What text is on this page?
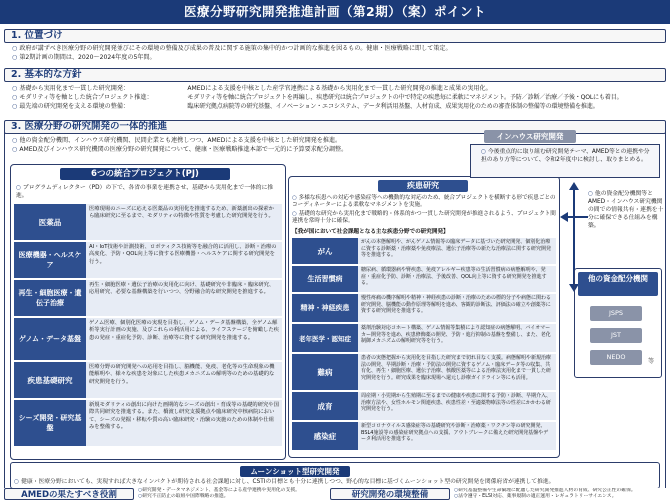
医療分野研究開発推進計画（第2期）（案）ポイント
1. 位置づけ
○ 政府が講ずべき医療分野の研究開発並びにその環境の整備及び成果の普及に関する施策の集中的かつ計画的な推進を図るもの。健康・医療戦略に即して策定。
○ 第2期計画の期間は、2020～2024年度の5年間。
2. 基本的な方針
○ 基礎から実用化まで一貫した研究開発：	AMEDによる支援を中核とした産学官連携による基礎から実用化まで一貫した研究開発の推進と成果の実用化。
○ モダリティ等を軸とした統合プロジェクト推進：	モダリティ等を軸に統合プロジェクトを再編し、疾患研究は統合プロジェクトの中で特定の疾患毎に柔軟にマネジメント。予防／診断／治療／予後・QOLにも着目。
○ 最先端の研究開発を支える環境の整備：	臨床研究拠点病院等の研究基盤、イノベーション・エコシステム、データ利活用基盤、人材育成、成果実用化のための審査体制の整備等の環境整備を推進。
3. 医療分野の研究開発の一体的推進
○ 他の資金配分機関、インハウス研究機関、民間企業とも連携しつつ、AMEDによる支援を中核とした研究開発を推進。
○ AMED及びインハウス研究機関の医療分野の研究開発について、健康・医療戦略推進本部で一元的に予算要求配分調整。
6つの統合プロジェクト(PJ)
○ プログラムディレクター（PD）の下で、各省の事業を連携させ、基礎から実用化まで一体的に推進。
医薬品
医療現場のニーズに応える医薬品の実用化を推進するため、新薬創出の探索から臨床研究に至るまで、モダリティの特徴や性質を考慮した研究開発を行う。
医療機器・ヘルスケア
AI・IoT技術や計測技術、ロボティクス技術等を融合的に活用し、診断・治療の高度化、予防・QOL向上等に資する医療機器・ヘルスケアに関する研究開発を行う。
再生・細胞医療・遺伝子治療
再生・細胞医療・遺伝子治療の実用化に向け、基礎研究や非臨床・臨床研究、応用研究、必要な基盤構築を行いつつ、分野融合的な研究開発を推進する。
ゲノム・データ基盤
ゲノム医療、個別化医療の実現を目指し、ゲノム・データ基盤構築、全ゲノム解析等実行計画の実施、及びこれらの利活用による、ライフステージを俯瞰した疾患の発症・重症化予防、診断、治療等に資する研究開発を推進する。
疾患基礎研究
医療分野の研究開発への応用を目指し、脳機能、免疫、老化等の生命現象の機能解明や、様々な疾患を対象にした疾患メカニズムの解明等のための基礎的な研究開発を行う。
シーズ開発・研究基盤
新規モダリティの創出に向けた画期的なシーズの創出・育成等の基礎的研究や国際共同研究を推進する。また、橋渡し研究支援拠点や臨床研究中核病院において、シーズの発掘・移転や質の高い臨床研究・治験の実施のための体制や仕組みを整備する。
疾患研究
○ 多様な疾患への対応や感染症等への機動的な対応のため、統合プロジェクトを横断する形で疾患ごとのコーディネーターによる柔軟なマネジメントを実施。
○ 基礎的な研究から実用化まで戦略的・体系的かつ一貫した研究開発が推進されるよう、プロジェクト間連携を常時十分に確保。
【我が国において社会課題となる主な疾患分野での研究開発】
がん
がんの本態解明や、がんゲノム情報等の臨床データに基づいた研究開発、個別化治療に資する診断薬・治療薬や免疫療法、遺伝子治療等の新たな治療法に関する研究開発等を推進する。
生活習慣病
糖尿病、循環器病や腎疾患、免疫アレルギー疾患等の生活習慣病の病態解明や、発症・重症化予防、診断・治療法、予後改善、QOL向上等に資する研究開発を推進する。
精神・神経疾患
慢性疼痛の機序解明や精神・神経疾患の診断・治療のための標的分子や病態に関わる研究開発、脳機能の動作原理等解明を進め、客観的診断法、評価法の確立や創薬等に資する研究開発を推進する。
老年医学・認知症
薬剤治験対応コホート構築、ゲノム情報等集積により認知症の病態解明、バイオマーカー開発等を進め、疾患修飾薬の開発、予防・進行抑制の基盤を整備し、また、老化制御メカニズムの解明研究等を行う。
難病
患者の実態把握から実用化を目指した研究まで切れ目なく支援。病態解明や新規治療法の開発、早期診断・治療・予防法の開発に資するゲノム・臨床データ等の収集、共有化、再生・細胞医療、遺伝子治療、核酸医薬等による治療法実用化まで一貫した研究開発を行う。研究成果を臨床現場へ還元し診療ガイドライン等にも活用。
成育
周産期・小児期から生殖期に至るまでの健康や疾患に関する予防・診断、早期介入、治療方法や、女性ホルモン関連疾患、疾患性差・至適薬物療法等の性差にかかわる研究開発を行う。
感染症
新型コロナウイルス感染症等の基礎研究や診断・治療薬・ワクチン等の研究開発、BSL4施設等の感染症研究拠点への支援、アウトブレークに備えた研究開発基盤やデータ利活用を推進する。
インハウス研究開発
○ 今後重点的に取り組む研究開発テーマ、AMED等との連携や分担のあり方等について、令和2年度中に検討し、取りまとめる。
○ 他の資金配分機関等とAMED・インハウス研究機関の間での情報共有・連携を十分に確保できる仕組みを構築。
他の資金配分機関
JSPS
JST
NEDO
等
ムーンショット型研究開発
○ 健康・医療分野においても、実現すれば大きなインパクトが期待される社会課題に対し、CSTIの目標とも十分に連携しつつ、野心的な目標に基づくムーンショット型の研究開発を関係府省が連携して推進。
AMEDの果たすべき役割	○研究開発・データマネジメント、基金等による産学連携や実用化の支援。
○研究不正防止の取組や国際戦略の推進。	研究開発の環境整備	○研究基盤整備や生命倫理に配慮した研究開発推進人材の育成、研究公正性の確保。
○法令遵守・ELSI対応、薬事規制の適正運用・レギュラトリーサイエンス。
